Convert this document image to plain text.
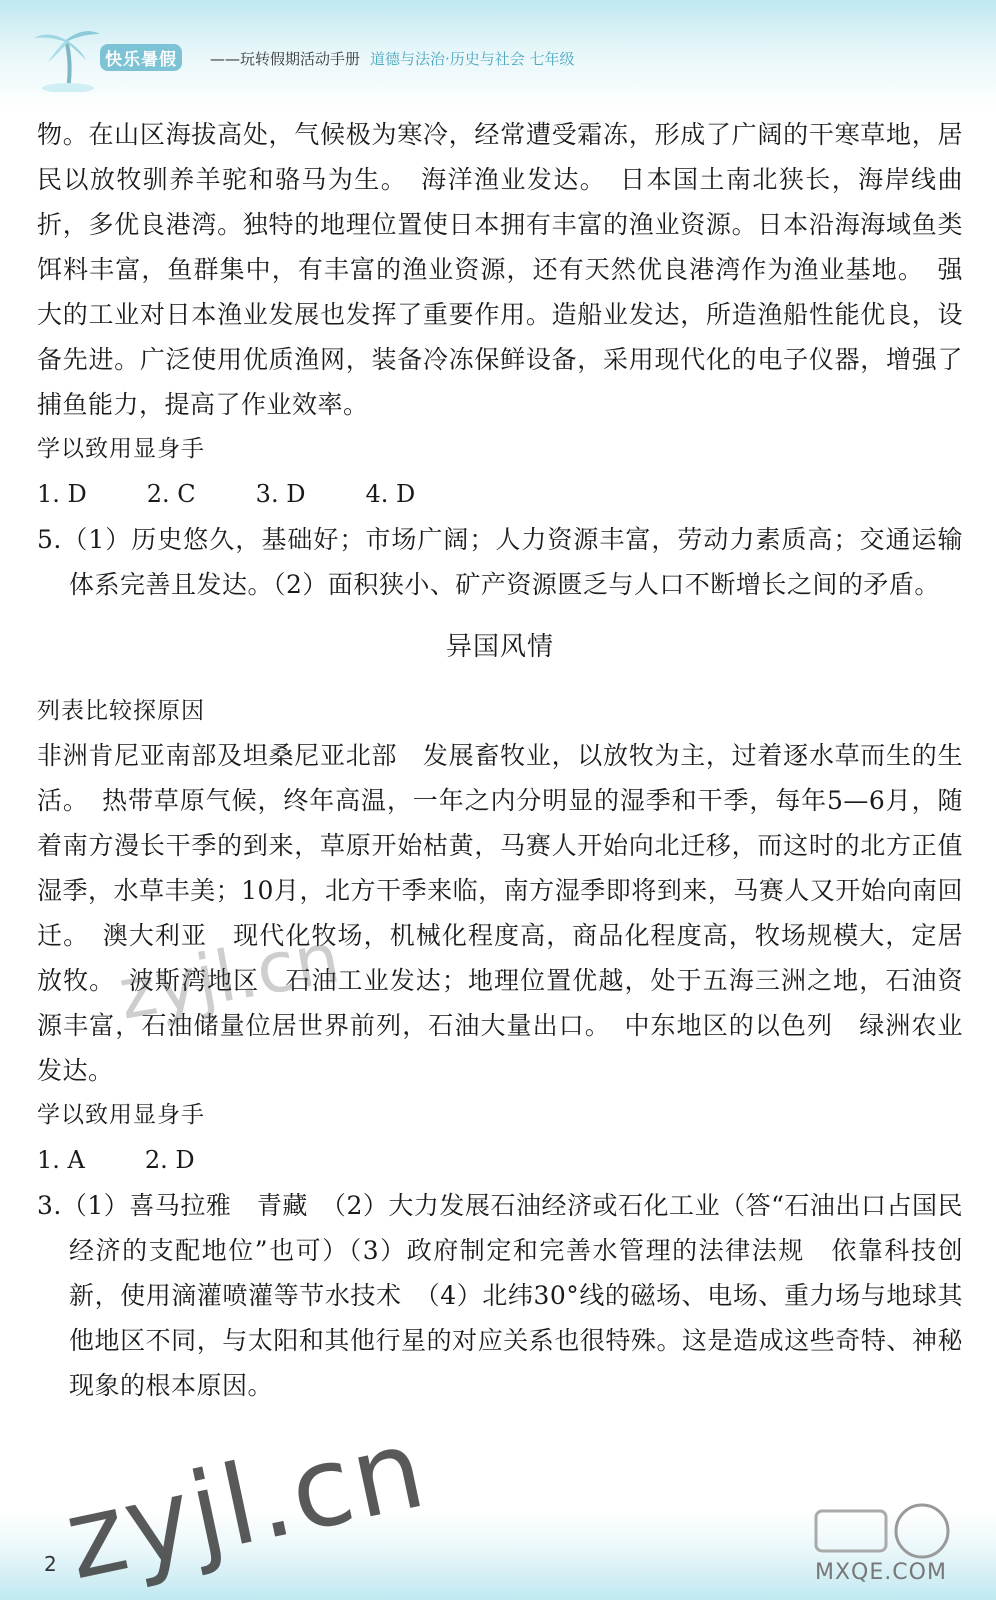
快乐暑假	——玩转假期活动手册 道德与法治·历史与社会 七年级

物。在山区海拔高处，气候极为寒冷，经常遭受霜冻，形成了广阔的干寒草地，居民以放牧驯养羊驼和骆马为生。　海洋渔业发达。　日本国土南北狭长，海岸线曲折，多优良港湾。独特的地理位置使日本拥有丰富的渔业资源。日本沿海海域鱼类饵料丰富，鱼群集中，有丰富的渔业资源，还有天然优良港湾作为渔业基地。　强大的工业对日本渔业发展也发挥了重要作用。造船业发达，所造渔船性能优良，设备先进。广泛使用优质渔网，装备冷冻保鲜设备，采用现代化的电子仪器，增强了捕鱼能力，提高了作业效率。

学以致用显身手

1. D	2. C	3. D	4. D

5.（1）历史悠久，基础好；市场广阔；人力资源丰富，劳动力素质高；交通运输体系完善且发达。（2）面积狭小、矿产资源匮乏与人口不断增长之间的矛盾。

异国风情

列表比较探原因

非洲肯尼亚南部及坦桑尼亚北部　发展畜牧业，以放牧为主，过着逐水草而生的生活。　热带草原气候，终年高温，一年之内分明显的湿季和干季，每年5—6月，随着南方漫长干季的到来，草原开始枯黄，马赛人开始向北迁移，而这时的北方正值湿季，水草丰美；10月，北方干季来临，南方湿季即将到来，马赛人又开始向南回迁。　澳大利亚　现代化牧场，机械化程度高，商品化程度高，牧场规模大，定居放牧。　波斯湾地区　石油工业发达；地理位置优越，处于五海三洲之地，石油资源丰富，石油储量位居世界前列，石油大量出口。　中东地区的以色列　绿洲农业发达。

学以致用显身手

1. A	2. D

3.（1）喜马拉雅　青藏　（2）大力发展石油经济或石化工业（答“石油出口占国民经济的支配地位”也可）（3）政府制定和完善水管理的法律法规　依靠科技创新，使用滴灌喷灌等节水技术　（4）北纬30°线的磁场、电场、重力场与地球其他地区不同，与太阳和其他行星的对应关系也很特殊。这是造成这些奇特、神秘现象的根本原因。

zyjl.cn
2
zyjl.cn	MXQE.COM
